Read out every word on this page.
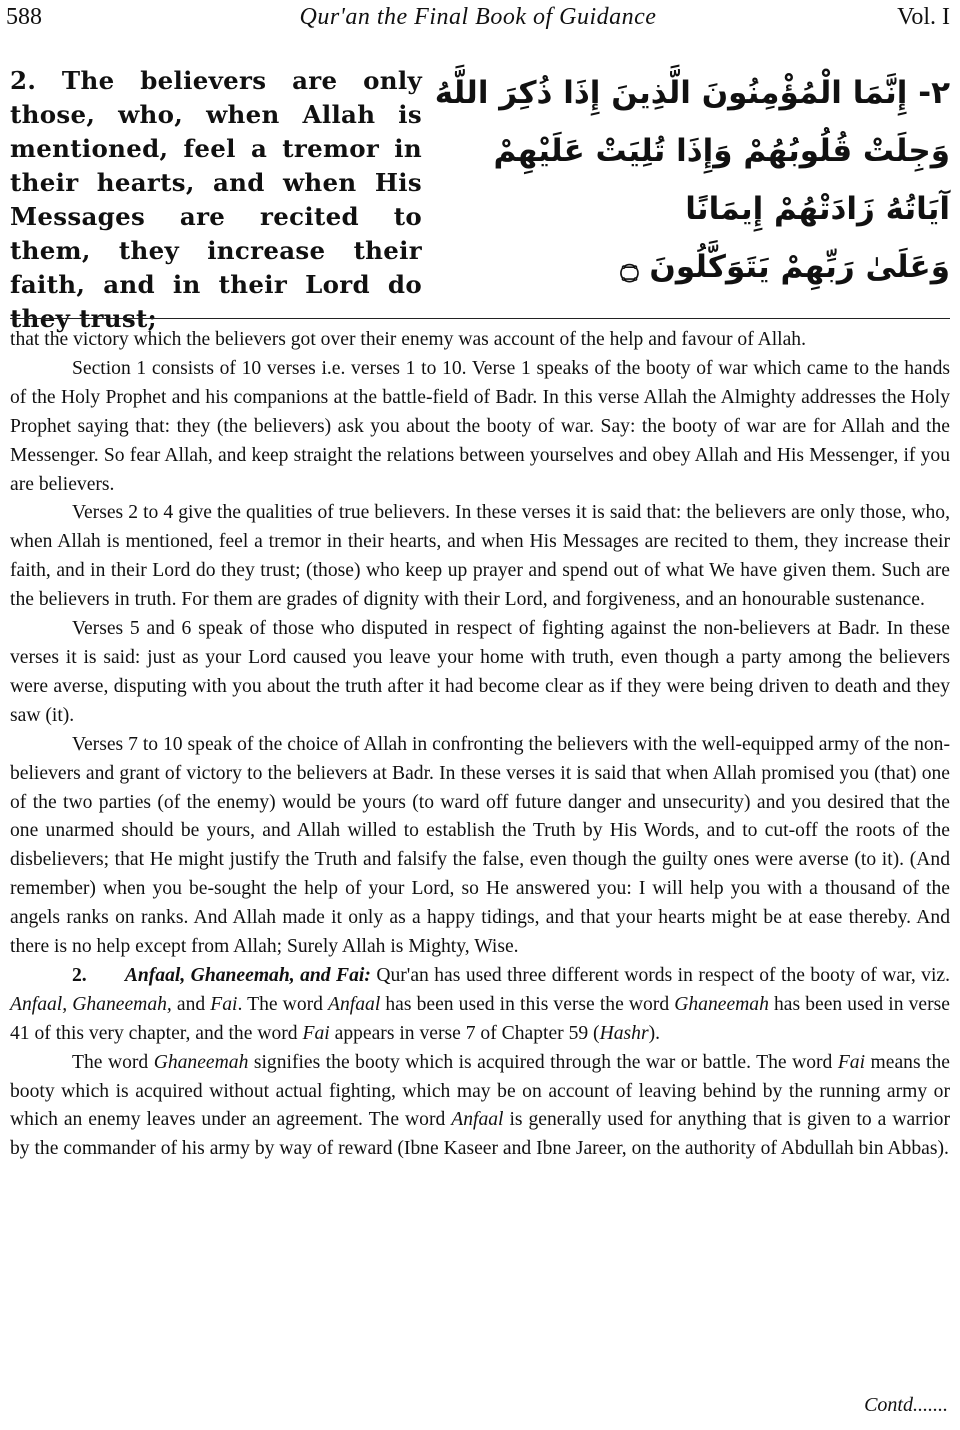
588	Qur'an the Final Book of Guidance	Vol. I
2. The believers are only those, who, when Allah is mentioned, feel a tremor in their hearts, and when His Messages are recited to them, they increase their faith, and in their Lord do they trust;
٢- إِنَّمَا الْمُؤْمِنُونَ الَّذِينَ إِذَا ذُكِرَ اللَّهُ
وَجِلَتْ قُلُوبُهُمْ وَإِذَا تُلِيَتْ عَلَيْهِمْ
آيَاتُهُ زَادَتْهُمْ إِيمَانًا
وَعَلَىٰ رَبِّهِمْ يَتَوَكَّلُونَ ۝

that the victory which the believers got over their enemy was account of the help and favour of Allah.

Section 1 consists of 10 verses i.e. verses 1 to 10. Verse 1 speaks of the booty of war which came to the hands of the Holy Prophet and his companions at the battle-field of Badr. In this verse Allah the Almighty addresses the Holy Prophet saying that: they (the believers) ask you about the booty of war. Say: the booty of war are for Allah and the Messenger. So fear Allah, and keep straight the relations between yourselves and obey Allah and His Messenger, if you are believers.

Verses 2 to 4 give the qualities of true believers. In these verses it is said that: the believers are only those, who, when Allah is mentioned, feel a tremor in their hearts, and when His Messages are recited to them, they increase their faith, and in their Lord do they trust; (those) who keep up prayer and spend out of what We have given them. Such are the believers in truth. For them are grades of dignity with their Lord, and forgiveness, and an honourable sustenance.

Verses 5 and 6 speak of those who disputed in respect of fighting against the non-believers at Badr. In these verses it is said: just as your Lord caused you leave your home with truth, even though a party among the believers were averse, disputing with you about the truth after it had become clear as if they were being driven to death and they saw (it).

Verses 7 to 10 speak of the choice of Allah in confronting the believers with the well-equipped army of the non-believers and grant of victory to the believers at Badr. In these verses it is said that when Allah promised you (that) one of the two parties (of the enemy) would be yours (to ward off future danger and unsecurity) and you desired that the one unarmed should be yours, and Allah willed to establish the Truth by His Words, and to cut-off the roots of the disbelievers; that He might justify the Truth and falsify the false, even though the guilty ones were averse (to it). (And remember) when you be-sought the help of your Lord, so He answered you: I will help you with a thousand of the angels ranks on ranks. And Allah made it only as a happy tidings, and that your hearts might be at ease thereby. And there is no help except from Allah; Surely Allah is Mighty, Wise.

2. Anfaal, Ghaneemah, and Fai: Qur'an has used three different words in respect of the booty of war, viz. Anfaal, Ghaneemah, and Fai. The word Anfaal has been used in this verse the word Ghaneemah has been used in verse 41 of this very chapter, and the word Fai appears in verse 7 of Chapter 59 (Hashr).

The word Ghaneemah signifies the booty which is acquired through the war or battle. The word Fai means the booty which is acquired without actual fighting, which may be on account of leaving behind by the running army or which an enemy leaves under an agreement. The word Anfaal is generally used for anything that is given to a warrior by the commander of his army by way of reward (Ibne Kaseer and Ibne Jareer, on the authority of Abdullah bin Abbas).

Contd.......
